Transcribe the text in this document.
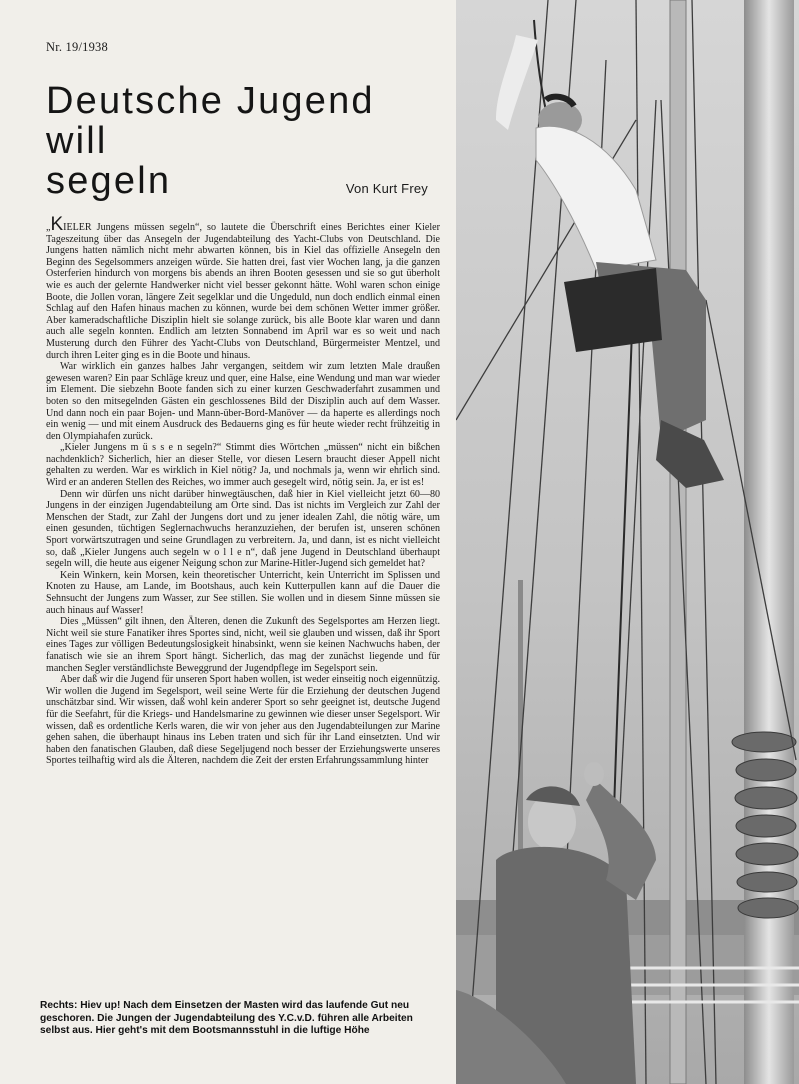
Nr. 19/1938
Deutsche Jugend will
segeln	Von Kurt Frey

„KIELER Jungens müssen segeln“, so lautete die Überschrift eines Berichtes einer Kieler Tageszeitung über das Ansegeln der Jugendabteilung des Yacht-Clubs von Deutschland. Die Jungens hatten nämlich nicht mehr abwarten können, bis in Kiel das offizielle Ansegeln den Beginn des Segelsommers anzeigen würde. Sie hatten drei, fast vier Wochen lang, ja die ganzen Osterferien hindurch von morgens bis abends an ihren Booten gesessen und sie so gut überholt wie es auch der gelernte Handwerker nicht viel besser gekonnt hätte. Wohl waren schon einige Boote, die Jollen voran, längere Zeit segelklar und die Ungeduld, nun doch endlich einmal einen Schlag auf den Hafen hinaus machen zu können, wurde bei dem schönen Wetter immer größer. Aber kameradschaftliche Disziplin hielt sie solange zurück, bis alle Boote klar waren und dann auch alle segeln konnten. Endlich am letzten Sonnabend im April war es so weit und nach Musterung durch den Führer des Yacht-Clubs von Deutschland, Bürgermeister Mentzel, und durch ihren Leiter ging es in die Boote und hinaus.

War wirklich ein ganzes halbes Jahr vergangen, seitdem wir zum letzten Male draußen gewesen waren? Ein paar Schläge kreuz und quer, eine Halse, eine Wendung und man war wieder im Element. Die siebzehn Boote fanden sich zu einer kurzen Geschwaderfahrt zusammen und boten so den mitsegelnden Gästen ein geschlossenes Bild der Disziplin auch auf dem Wasser. Und dann noch ein paar Bojen- und Mann-über-Bord-Manöver — da haperte es allerdings noch ein wenig — und mit einem Ausdruck des Bedauerns ging es für heute wieder recht frühzeitig in den Olympiahafen zurück.

„Kieler Jungens m ü s s e n segeln?“ Stimmt dies Wörtchen „müssen“ nicht ein bißchen nachdenklich? Sicherlich, hier an dieser Stelle, vor diesen Lesern braucht dieser Appell nicht gehalten zu werden. War es wirklich in Kiel nötig? Ja, und nochmals ja, wenn wir ehrlich sind. Wird er an anderen Stellen des Reiches, wo immer auch gesegelt wird, nötig sein. Ja, er ist es!

Denn wir dürfen uns nicht darüber hinwegtäuschen, daß hier in Kiel vielleicht jetzt 60—80 Jungens in der einzigen Jugendabteilung am Orte sind. Das ist nichts im Vergleich zur Zahl der Menschen der Stadt, zur Zahl der Jungens dort und zu jener idealen Zahl, die nötig wäre, um einen gesunden, tüchtigen Seglernachwuchs heranzuziehen, der berufen ist, unseren schönen Sport vorwärtszutragen und seine Grundlagen zu verbreitern. Ja, und dann, ist es nicht vielleicht so, daß „Kieler Jungens auch segeln w o l l e n“, daß jene Jugend in Deutschland überhaupt segeln will, die heute aus eigener Neigung schon zur Marine-Hitler-Jugend sich gemeldet hat?

Kein Winkern, kein Morsen, kein theoretischer Unterricht, kein Unterricht im Splissen und Knoten zu Hause, am Lande, im Bootshaus, auch kein Kutterpullen kann auf die Dauer die Sehnsucht der Jungens zum Wasser, zur See stillen. Sie wollen und in diesem Sinne müssen sie auch hinaus auf Wasser!

Dies „Müssen“ gilt ihnen, den Älteren, denen die Zukunft des Segelsportes am Herzen liegt. Nicht weil sie sture Fanatiker ihres Sportes sind, nicht, weil sie glauben und wissen, daß ihr Sport eines Tages zur völligen Bedeutungslosigkeit hinabsinkt, wenn sie keinen Nachwuchs haben, der fanatisch wie sie an ihrem Sport hängt. Sicherlich, das mag der zunächst liegende und für manchen Segler verständlichste Beweggrund der Jugendpflege im Segelsport sein.

Aber daß wir die Jugend für unseren Sport haben wollen, ist weder einseitig noch eigennützig. Wir wollen die Jugend im Segelsport, weil seine Werte für die Erziehung der deutschen Jugend unschätzbar sind. Wir wissen, daß wohl kein anderer Sport so sehr geeignet ist, deutsche Jugend für die Seefahrt, für die Kriegs- und Handelsmarine zu gewinnen wie dieser unser Segelsport. Wir wissen, daß es ordentliche Kerls waren, die wir von jeher aus den Jugendabteilungen zur Marine gehen sahen, die überhaupt hinaus ins Leben traten und sich für ihr Land einsetzten. Und wir haben den fanatischen Glauben, daß diese Segeljugend noch besser der Erziehungswerte unseres Sportes teilhaftig wird als die Älteren, nachdem die Zeit der ersten Erfahrungssammlung hinter

Rechts: Hiev up! Nach dem Einsetzen der Masten wird das laufende Gut neu geschoren. Die Jungen der Jugendabteilung des Y.C.v.D. führen alle Arbeiten selbst aus. Hier geht's mit dem Bootsmannsstuhl in die luftige Höhe
